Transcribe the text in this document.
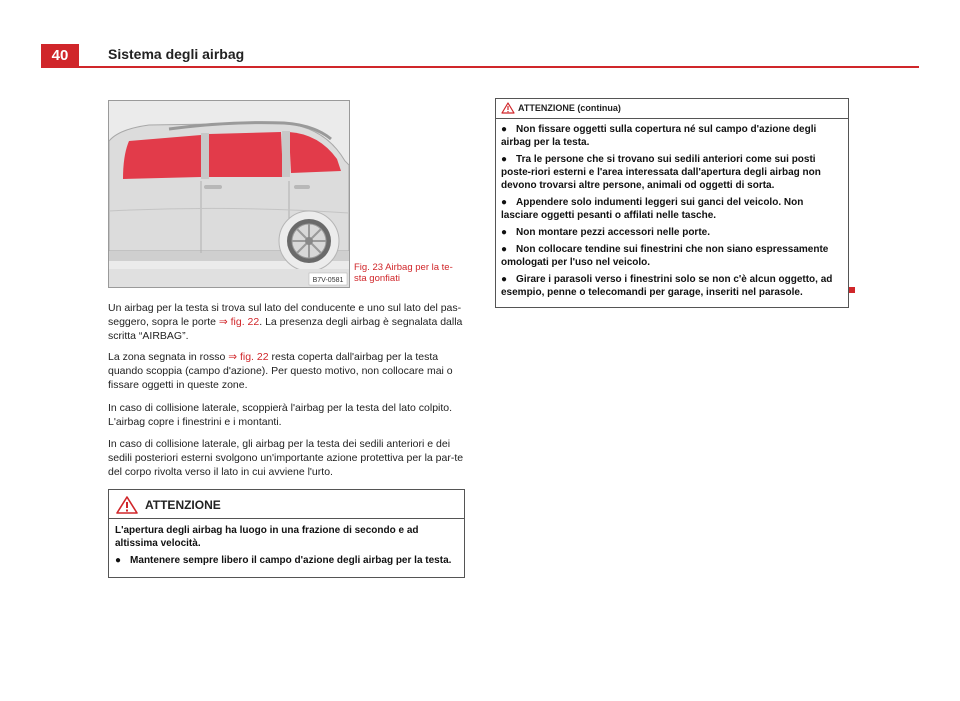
40	Sistema degli airbag
B7V-0581
Fig. 23 Airbag per la te-sta gonfiati

Un airbag per la testa si trova sul lato del conducente e uno sul lato del pas-seggero, sopra le porte ⇒ fig. 22. La presenza degli airbag è segnalata dalla scritta “AIRBAG”.

La zona segnata in rosso ⇒ fig. 22 resta coperta dall'airbag per la testa quando scoppia (campo d'azione). Per questo motivo, non collocare mai o fissare oggetti in queste zone.

In caso di collisione laterale, scoppierà l'airbag per la testa del lato colpito. L'airbag copre i finestrini e i montanti.

In caso di collisione laterale, gli airbag per la testa dei sedili anteriori e dei sedili posteriori esterni svolgono un'importante azione protettiva per la par-te del corpo rivolta verso il lato in cui avviene l'urto.

ATTENZIONE

L'apertura degli airbag ha luogo in una frazione di secondo e ad altissima velocità.

● Mantenere sempre libero il campo d'azione degli airbag per la testa.

ATTENZIONE (continua)

● Non fissare oggetti sulla copertura né sul campo d'azione degli airbag per la testa.

● Tra le persone che si trovano sui sedili anteriori come sui posti poste-riori esterni e l'area interessata dall'apertura degli airbag non devono trovarsi altre persone, animali od oggetti di sorta.

● Appendere solo indumenti leggeri sui ganci del veicolo. Non lasciare oggetti pesanti o affilati nelle tasche.

● Non montare pezzi accessori nelle porte.

● Non collocare tendine sui finestrini che non siano espressamente omologati per l'uso nel veicolo.

● Girare i parasoli verso i finestrini solo se non c'è alcun oggetto, ad esempio, penne o telecomandi per garage, inseriti nel parasole.
